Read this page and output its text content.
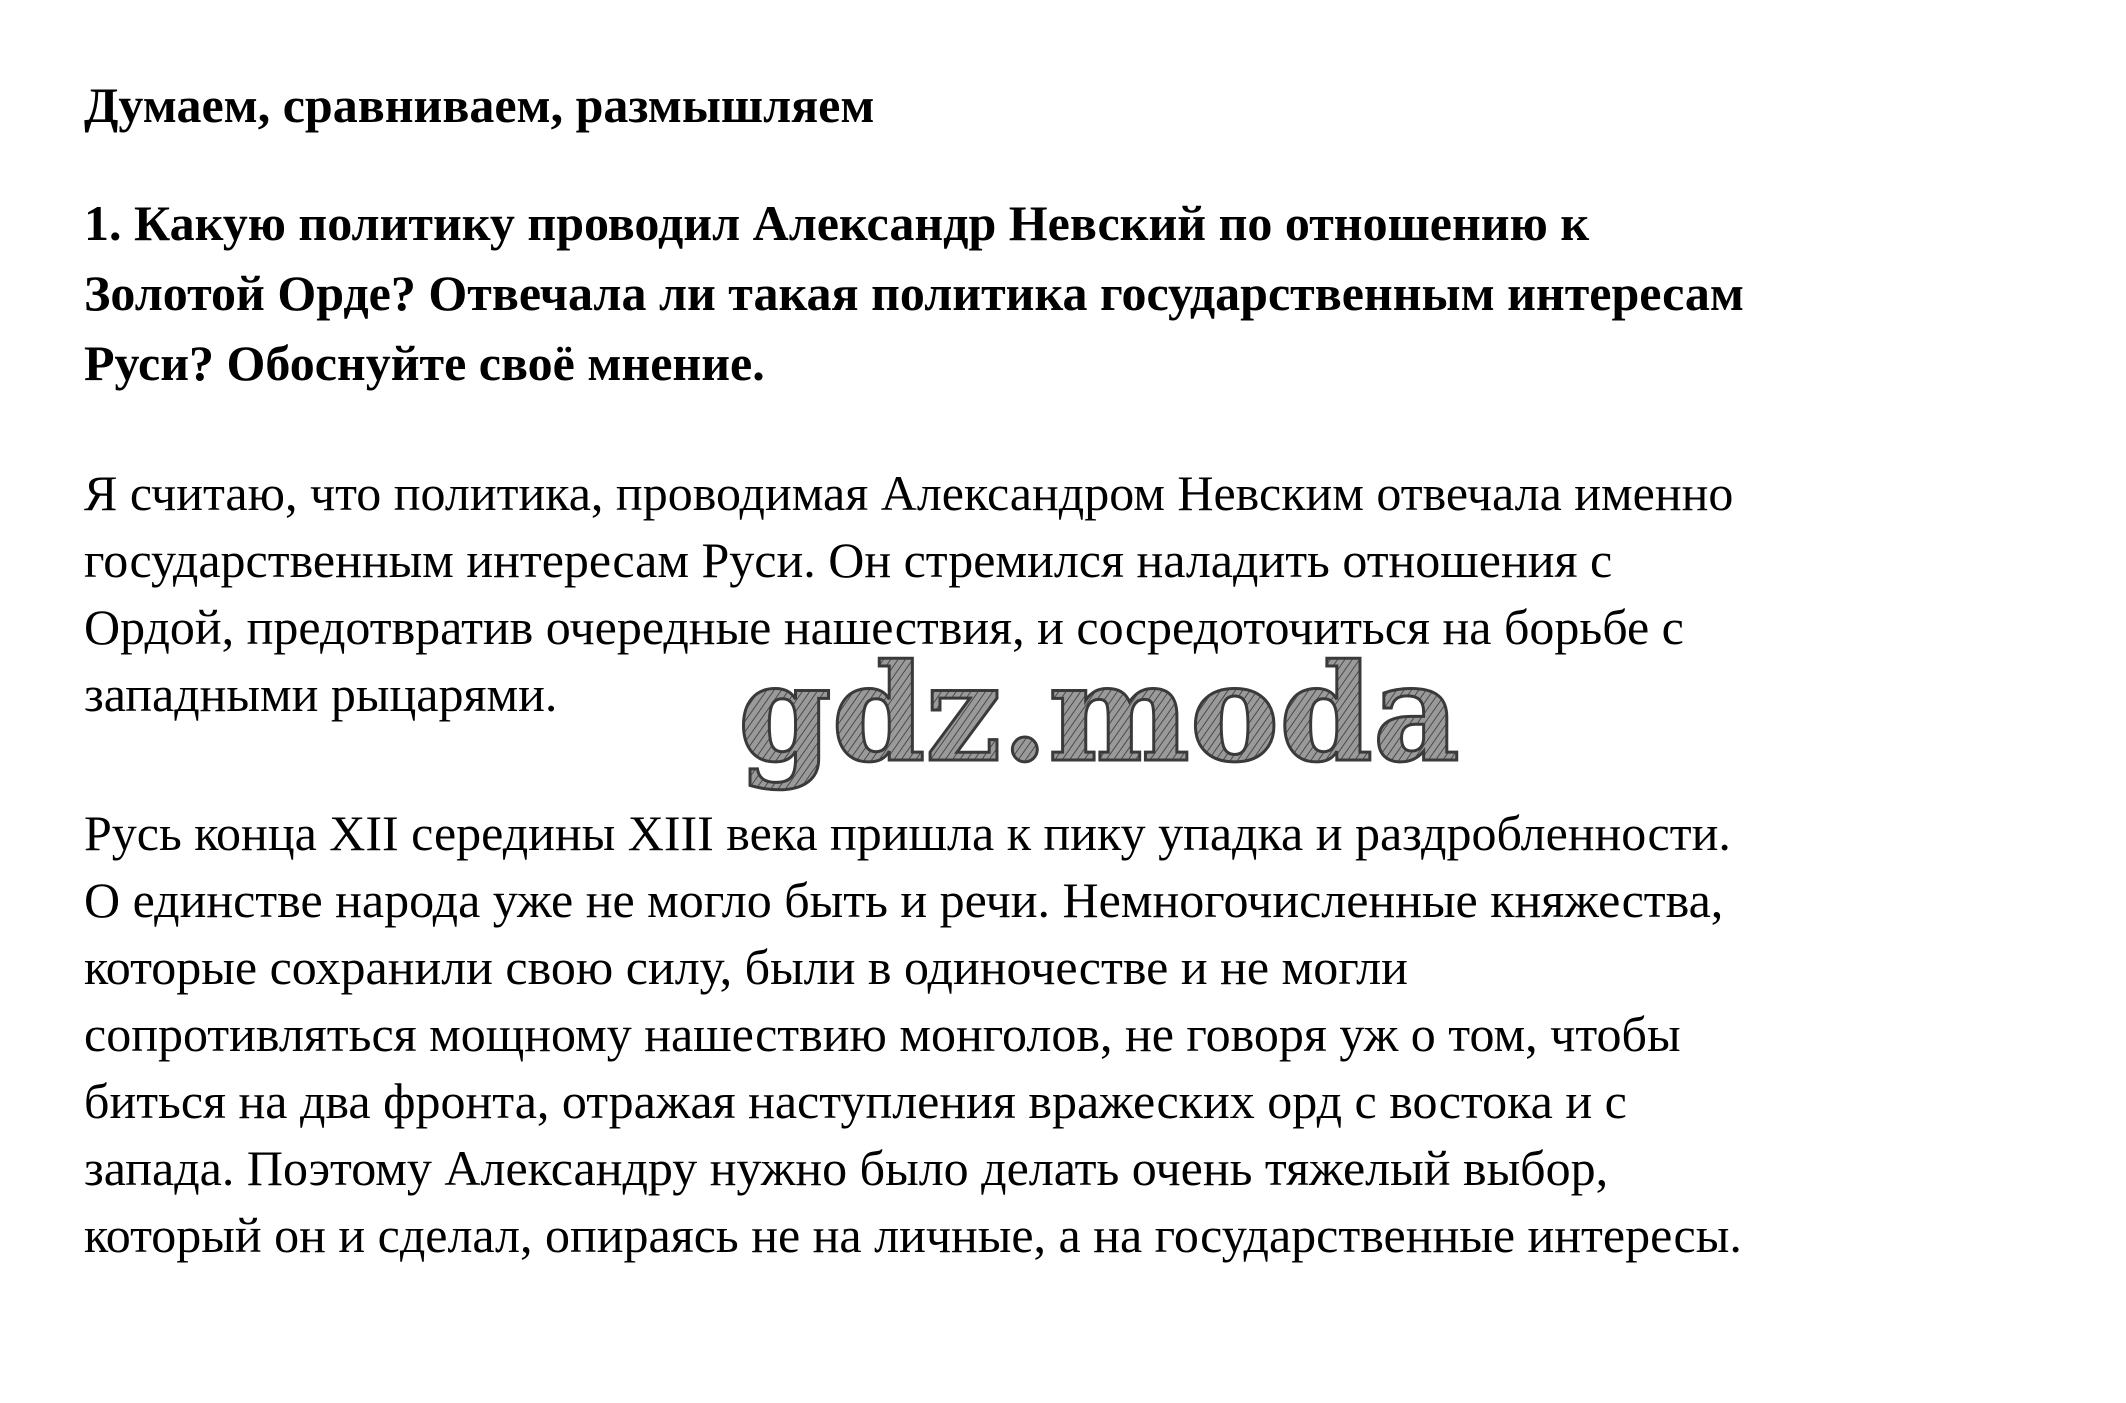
Думаем, сравниваем, размышляем
1. Какую политику проводил Александр Невский по отношению к
Золотой Орде? Отвечала ли такая политика государственным интересам
Руси? Обоснуйте своё мнение.
Я считаю, что политика, проводимая Александром Невским отвечала именно
государственным интересам Руси. Он стремился наладить отношения с
Ордой, предотвратив очередные нашествия, и сосредоточиться на борьбе с
западными рыцарями.
Русь конца XII середины XIII века пришла к пику упадка и раздробленности.
О единстве народа уже не могло быть и речи. Немногочисленные княжества,
которые сохранили свою силу, были в одиночестве и не могли
сопротивляться мощному нашествию монголов, не говоря уж о том, чтобы
биться на два фронта, отражая наступления вражеских орд с востока и с
запада. Поэтому Александру нужно было делать очень тяжелый выбор,
который он и сделал, опираясь не на личные, а на государственные интересы.
gdz.moda
